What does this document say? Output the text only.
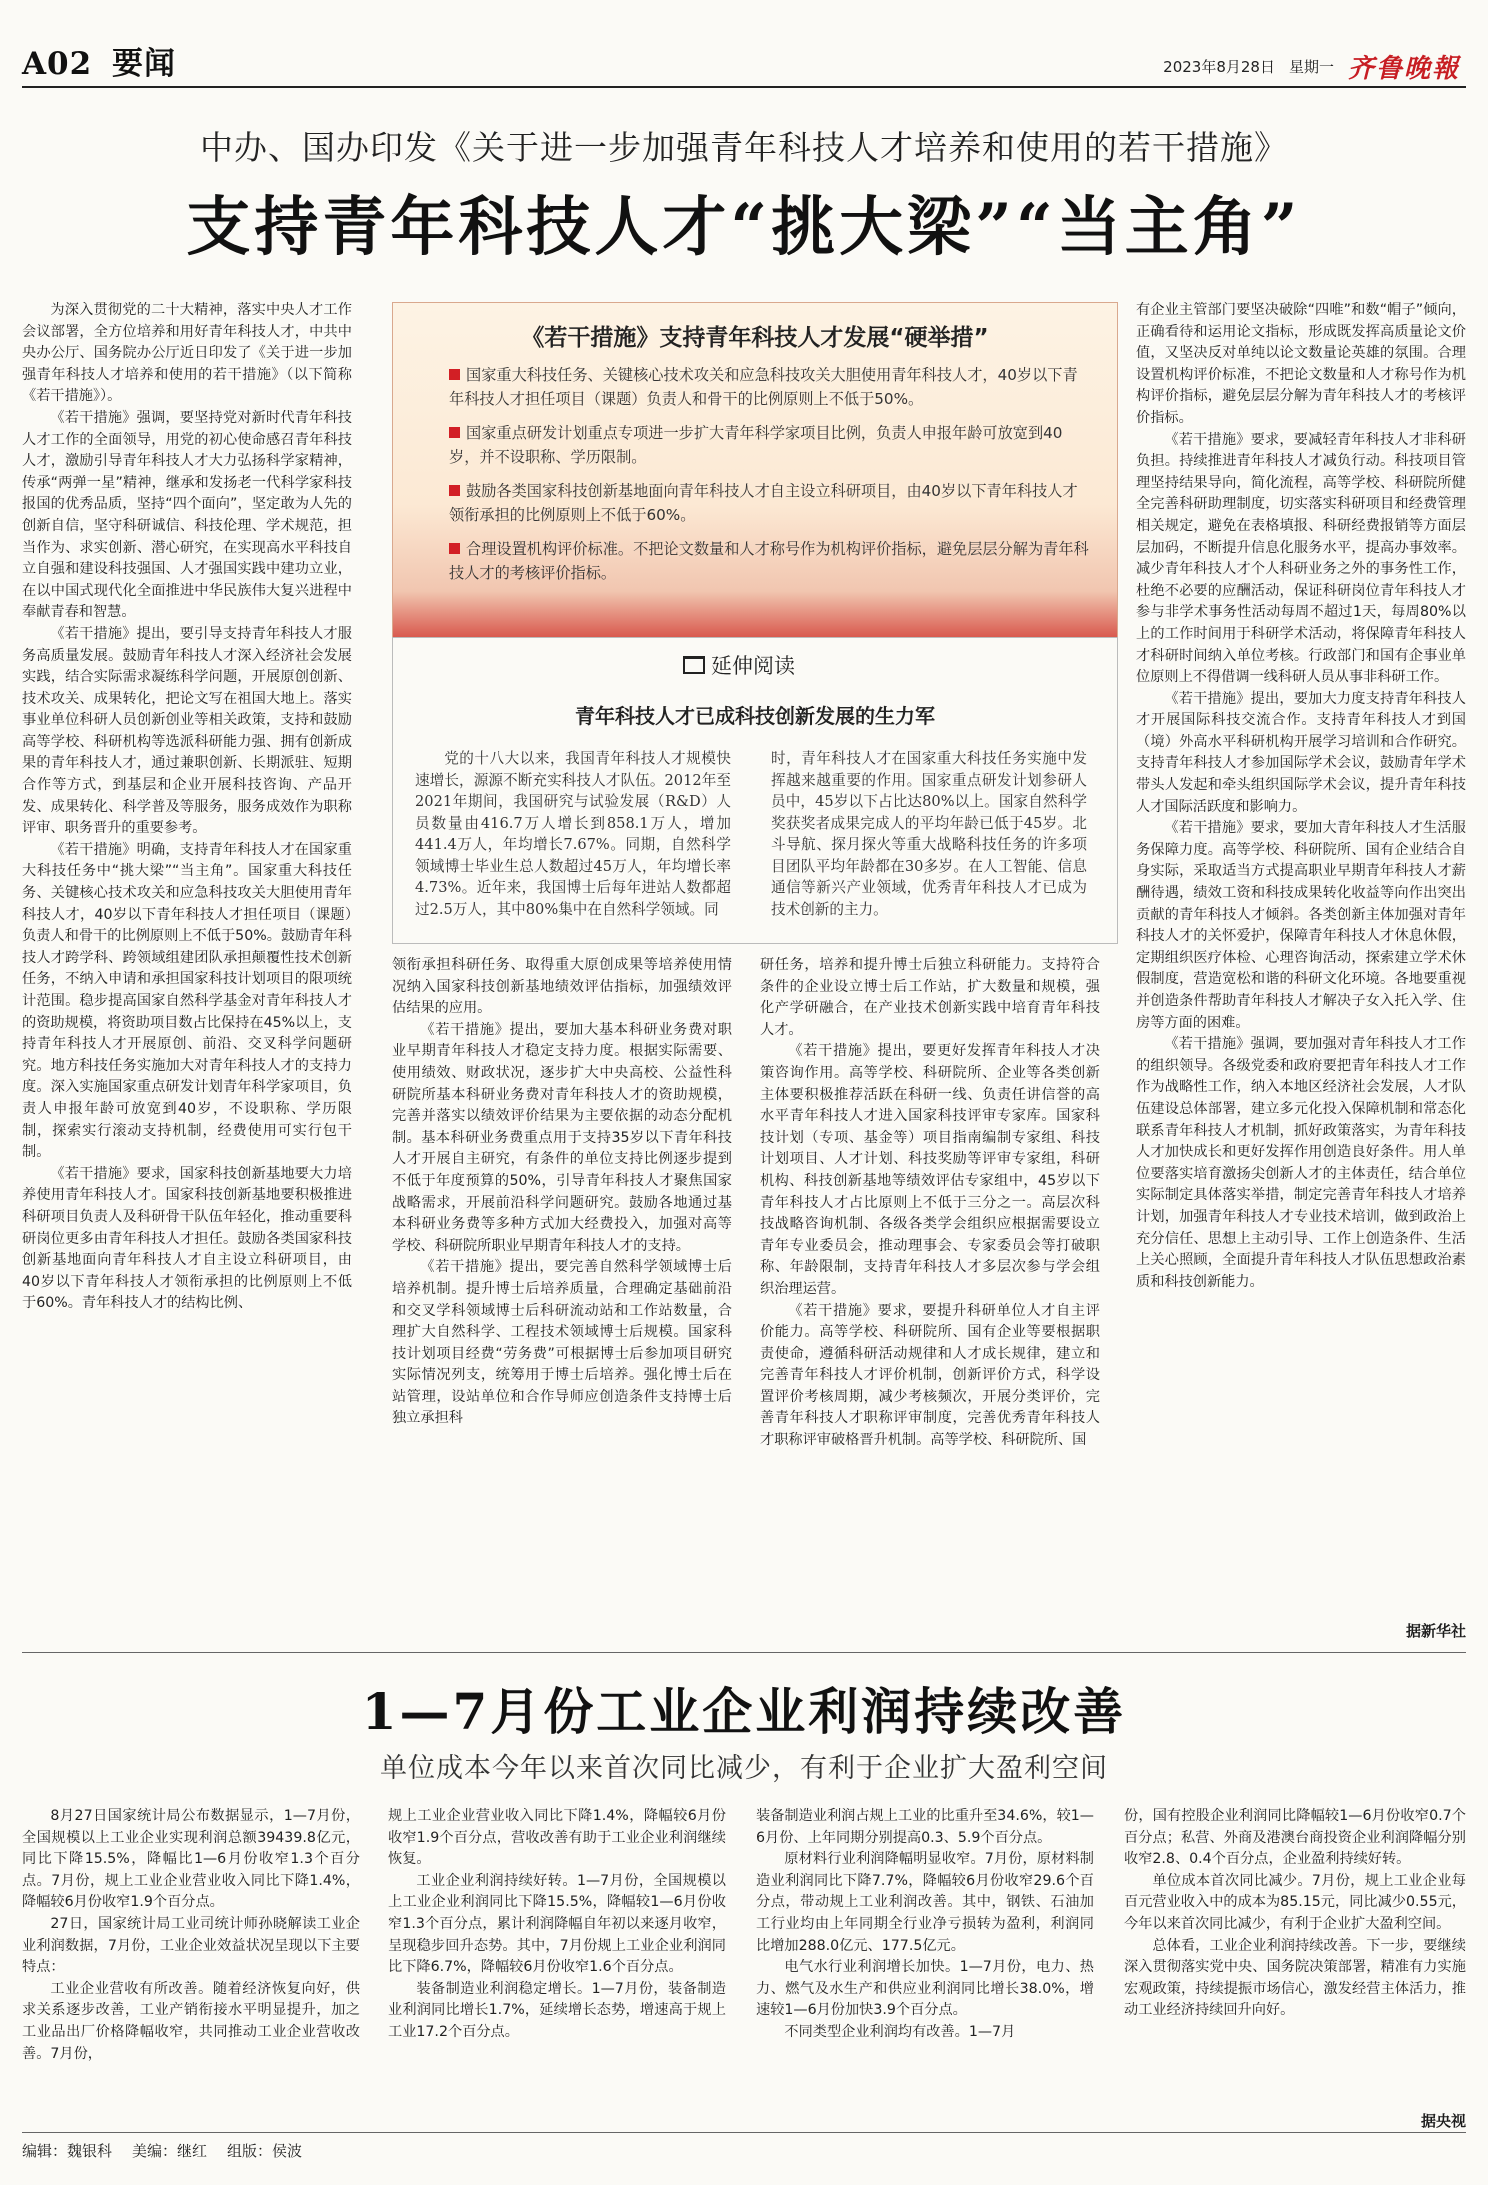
A02 要闻	2023年8月28日 星期一 齐鲁晚報
中办、国办印发《关于进一步加强青年科技人才培养和使用的若干措施》
支持青年科技人才“挑大梁”“当主角”

为深入贯彻党的二十大精神，落实中央人才工作会议部署，全方位培养和用好青年科技人才，中共中央办公厅、国务院办公厅近日印发了《关于进一步加强青年科技人才培养和使用的若干措施》（以下简称《若干措施》）。

《若干措施》强调，要坚持党对新时代青年科技人才工作的全面领导，用党的初心使命感召青年科技人才，激励引导青年科技人才大力弘扬科学家精神，传承“两弹一星”精神，继承和发扬老一代科学家科技报国的优秀品质，坚持“四个面向”，坚定敢为人先的创新自信，坚守科研诚信、科技伦理、学术规范，担当作为、求实创新、潜心研究，在实现高水平科技自立自强和建设科技强国、人才强国实践中建功立业，在以中国式现代化全面推进中华民族伟大复兴进程中奉献青春和智慧。

《若干措施》提出，要引导支持青年科技人才服务高质量发展。鼓励青年科技人才深入经济社会发展实践，结合实际需求凝练科学问题，开展原创创新、技术攻关、成果转化，把论文写在祖国大地上。落实事业单位科研人员创新创业等相关政策，支持和鼓励高等学校、科研机构等选派科研能力强、拥有创新成果的青年科技人才，通过兼职创新、长期派驻、短期合作等方式，到基层和企业开展科技咨询、产品开发、成果转化、科学普及等服务，服务成效作为职称评审、职务晋升的重要参考。

《若干措施》明确，支持青年科技人才在国家重大科技任务中“挑大梁”“当主角”。国家重大科技任务、关键核心技术攻关和应急科技攻关大胆使用青年科技人才，40岁以下青年科技人才担任项目（课题）负责人和骨干的比例原则上不低于50%。鼓励青年科技人才跨学科、跨领域组建团队承担颠覆性技术创新任务，不纳入申请和承担国家科技计划项目的限项统计范围。稳步提高国家自然科学基金对青年科技人才的资助规模，将资助项目数占比保持在45%以上，支持青年科技人才开展原创、前沿、交叉科学问题研究。地方科技任务实施加大对青年科技人才的支持力度。深入实施国家重点研发计划青年科学家项目，负责人申报年龄可放宽到40岁，不设职称、学历限制，探索实行滚动支持机制，经费使用可实行包干制。

《若干措施》要求，国家科技创新基地要大力培养使用青年科技人才。国家科技创新基地要积极推进科研项目负责人及科研骨干队伍年轻化，推动重要科研岗位更多由青年科技人才担任。鼓励各类国家科技创新基地面向青年科技人才自主设立科研项目，由40岁以下青年科技人才领衔承担的比例原则上不低于60%。青年科技人才的结构比例、

《若干措施》支持青年科技人才发展“硬举措”
国家重大科技任务、关键核心技术攻关和应急科技攻关大胆使用青年科技人才，40岁以下青年科技人才担任项目（课题）负责人和骨干的比例原则上不低于50%。
国家重点研发计划重点专项进一步扩大青年科学家项目比例，负责人申报年龄可放宽到40岁，并不设职称、学历限制。
鼓励各类国家科技创新基地面向青年科技人才自主设立科研项目，由40岁以下青年科技人才领衔承担的比例原则上不低于60%。
合理设置机构评价标准。不把论文数量和人才称号作为机构评价指标，避免层层分解为青年科技人才的考核评价指标。
延伸阅读
青年科技人才已成科技创新发展的生力军

党的十八大以来，我国青年科技人才规模快速增长，源源不断充实科技人才队伍。2012年至2021年期间，我国研究与试验发展（R&D）人员数量由416.7万人增长到858.1万人，增加441.4万人，年均增长7.67%。同期，自然科学领域博士毕业生总人数超过45万人，年均增长率4.73%。近年来，我国博士后每年进站人数都超过2.5万人，其中80%集中在自然科学领域。同

时，青年科技人才在国家重大科技任务实施中发挥越来越重要的作用。国家重点研发计划参研人员中，45岁以下占比达80%以上。国家自然科学奖获奖者成果完成人的平均年龄已低于45岁。北斗导航、探月探火等重大战略科技任务的许多项目团队平均年龄都在30多岁。在人工智能、信息通信等新兴产业领域，优秀青年科技人才已成为技术创新的主力。

领衔承担科研任务、取得重大原创成果等培养使用情况纳入国家科技创新基地绩效评估指标，加强绩效评估结果的应用。

《若干措施》提出，要加大基本科研业务费对职业早期青年科技人才稳定支持力度。根据实际需要、使用绩效、财政状况，逐步扩大中央高校、公益性科研院所基本科研业务费对青年科技人才的资助规模，完善并落实以绩效评价结果为主要依据的动态分配机制。基本科研业务费重点用于支持35岁以下青年科技人才开展自主研究，有条件的单位支持比例逐步提到不低于年度预算的50%，引导青年科技人才聚焦国家战略需求，开展前沿科学问题研究。鼓励各地通过基本科研业务费等多种方式加大经费投入，加强对高等学校、科研院所职业早期青年科技人才的支持。

《若干措施》提出，要完善自然科学领域博士后培养机制。提升博士后培养质量，合理确定基础前沿和交叉学科领域博士后科研流动站和工作站数量，合理扩大自然科学、工程技术领域博士后规模。国家科技计划项目经费“劳务费”可根据博士后参加项目研究实际情况列支，统筹用于博士后培养。强化博士后在站管理，设站单位和合作导师应创造条件支持博士后独立承担科

研任务，培养和提升博士后独立科研能力。支持符合条件的企业设立博士后工作站，扩大数量和规模，强化产学研融合，在产业技术创新实践中培育青年科技人才。

《若干措施》提出，要更好发挥青年科技人才决策咨询作用。高等学校、科研院所、企业等各类创新主体要积极推荐活跃在科研一线、负责任讲信誉的高水平青年科技人才进入国家科技评审专家库。国家科技计划（专项、基金等）项目指南编制专家组、科技计划项目、人才计划、科技奖励等评审专家组，科研机构、科技创新基地等绩效评估专家组中，45岁以下青年科技人才占比原则上不低于三分之一。高层次科技战略咨询机制、各级各类学会组织应根据需要设立青年专业委员会，推动理事会、专家委员会等打破职称、年龄限制，支持青年科技人才多层次参与学会组织治理运营。

《若干措施》要求，要提升科研单位人才自主评价能力。高等学校、科研院所、国有企业等要根据职责使命，遵循科研活动规律和人才成长规律，建立和完善青年科技人才评价机制，创新评价方式，科学设置评价考核周期，减少考核频次，开展分类评价，完善青年科技人才职称评审制度，完善优秀青年科技人才职称评审破格晋升机制。高等学校、科研院所、国

有企业主管部门要坚决破除“四唯”和数“帽子”倾向，正确看待和运用论文指标，形成既发挥高质量论文价值，又坚决反对单纯以论文数量论英雄的氛围。合理设置机构评价标准，不把论文数量和人才称号作为机构评价指标，避免层层分解为青年科技人才的考核评价指标。

《若干措施》要求，要减轻青年科技人才非科研负担。持续推进青年科技人才减负行动。科技项目管理坚持结果导向，简化流程，高等学校、科研院所健全完善科研助理制度，切实落实科研项目和经费管理相关规定，避免在表格填报、科研经费报销等方面层层加码，不断提升信息化服务水平，提高办事效率。减少青年科技人才个人科研业务之外的事务性工作，杜绝不必要的应酬活动，保证科研岗位青年科技人才参与非学术事务性活动每周不超过1天，每周80%以上的工作时间用于科研学术活动，将保障青年科技人才科研时间纳入单位考核。行政部门和国有企事业单位原则上不得借调一线科研人员从事非科研工作。

《若干措施》提出，要加大力度支持青年科技人才开展国际科技交流合作。支持青年科技人才到国（境）外高水平科研机构开展学习培训和合作研究。支持青年科技人才参加国际学术会议，鼓励青年学术带头人发起和牵头组织国际学术会议，提升青年科技人才国际活跃度和影响力。

《若干措施》要求，要加大青年科技人才生活服务保障力度。高等学校、科研院所、国有企业结合自身实际，采取适当方式提高职业早期青年科技人才薪酬待遇，绩效工资和科技成果转化收益等向作出突出贡献的青年科技人才倾斜。各类创新主体加强对青年科技人才的关怀爱护，保障青年科技人才休息休假，定期组织医疗体检、心理咨询活动，探索建立学术休假制度，营造宽松和谐的科研文化环境。各地要重视并创造条件帮助青年科技人才解决子女入托入学、住房等方面的困难。

《若干措施》强调，要加强对青年科技人才工作的组织领导。各级党委和政府要把青年科技人才工作作为战略性工作，纳入本地区经济社会发展，人才队伍建设总体部署，建立多元化投入保障机制和常态化联系青年科技人才机制，抓好政策落实，为青年科技人才加快成长和更好发挥作用创造良好条件。用人单位要落实培育激扬尖创新人才的主体责任，结合单位实际制定具体落实举措，制定完善青年科技人才培养计划，加强青年科技人才专业技术培训，做到政治上充分信任、思想上主动引导、工作上创造条件、生活上关心照顾，全面提升青年科技人才队伍思想政治素质和科技创新能力。

据新华社
1—7月份工业企业利润持续改善
单位成本今年以来首次同比减少，有利于企业扩大盈利空间

8月27日国家统计局公布数据显示，1—7月份，全国规模以上工业企业实现利润总额39439.8亿元，同比下降15.5%，降幅比1—6月份收窄1.3个百分点。7月份，规上工业企业营业收入同比下降1.4%，降幅较6月份收窄1.9个百分点。

27日，国家统计局工业司统计师孙晓解读工业企业利润数据，7月份，工业企业效益状况呈现以下主要特点：

工业企业营收有所改善。随着经济恢复向好，供求关系逐步改善，工业产销衔接水平明显提升，加之工业品出厂价格降幅收窄，共同推动工业企业营收改善。7月份，

规上工业企业营业收入同比下降1.4%，降幅较6月份收窄1.9个百分点，营收改善有助于工业企业利润继续恢复。

工业企业利润持续好转。1—7月份，全国规模以上工业企业利润同比下降15.5%，降幅较1—6月份收窄1.3个百分点，累计利润降幅自年初以来逐月收窄，呈现稳步回升态势。其中，7月份规上工业企业利润同比下降6.7%，降幅较6月份收窄1.6个百分点。

装备制造业利润稳定增长。1—7月份，装备制造业利润同比增长1.7%，延续增长态势，增速高于规上工业17.2个百分点。

装备制造业利润占规上工业的比重升至34.6%，较1—6月份、上年同期分别提高0.3、5.9个百分点。

原材料行业利润降幅明显收窄。7月份，原材料制造业利润同比下降7.7%，降幅较6月份收窄29.6个百分点，带动规上工业利润改善。其中，钢铁、石油加工行业均由上年同期全行业净亏损转为盈利，利润同比增加288.0亿元、177.5亿元。

电气水行业利润增长加快。1—7月份，电力、热力、燃气及水生产和供应业利润同比增长38.0%，增速较1—6月份加快3.9个百分点。

不同类型企业利润均有改善。1—7月

份，国有控股企业利润同比降幅较1—6月份收窄0.7个百分点；私营、外商及港澳台商投资企业利润降幅分别收窄2.8、0.4个百分点，企业盈利持续好转。

单位成本首次同比减少。7月份，规上工业企业每百元营业收入中的成本为85.15元，同比减少0.55元，今年以来首次同比减少，有利于企业扩大盈利空间。

总体看，工业企业利润持续改善。下一步，要继续深入贯彻落实党中央、国务院决策部署，精准有力实施宏观政策，持续提振市场信心，激发经营主体活力，推动工业经济持续回升向好。

据央视
编辑：魏银科 美编：继红 组版：侯波
